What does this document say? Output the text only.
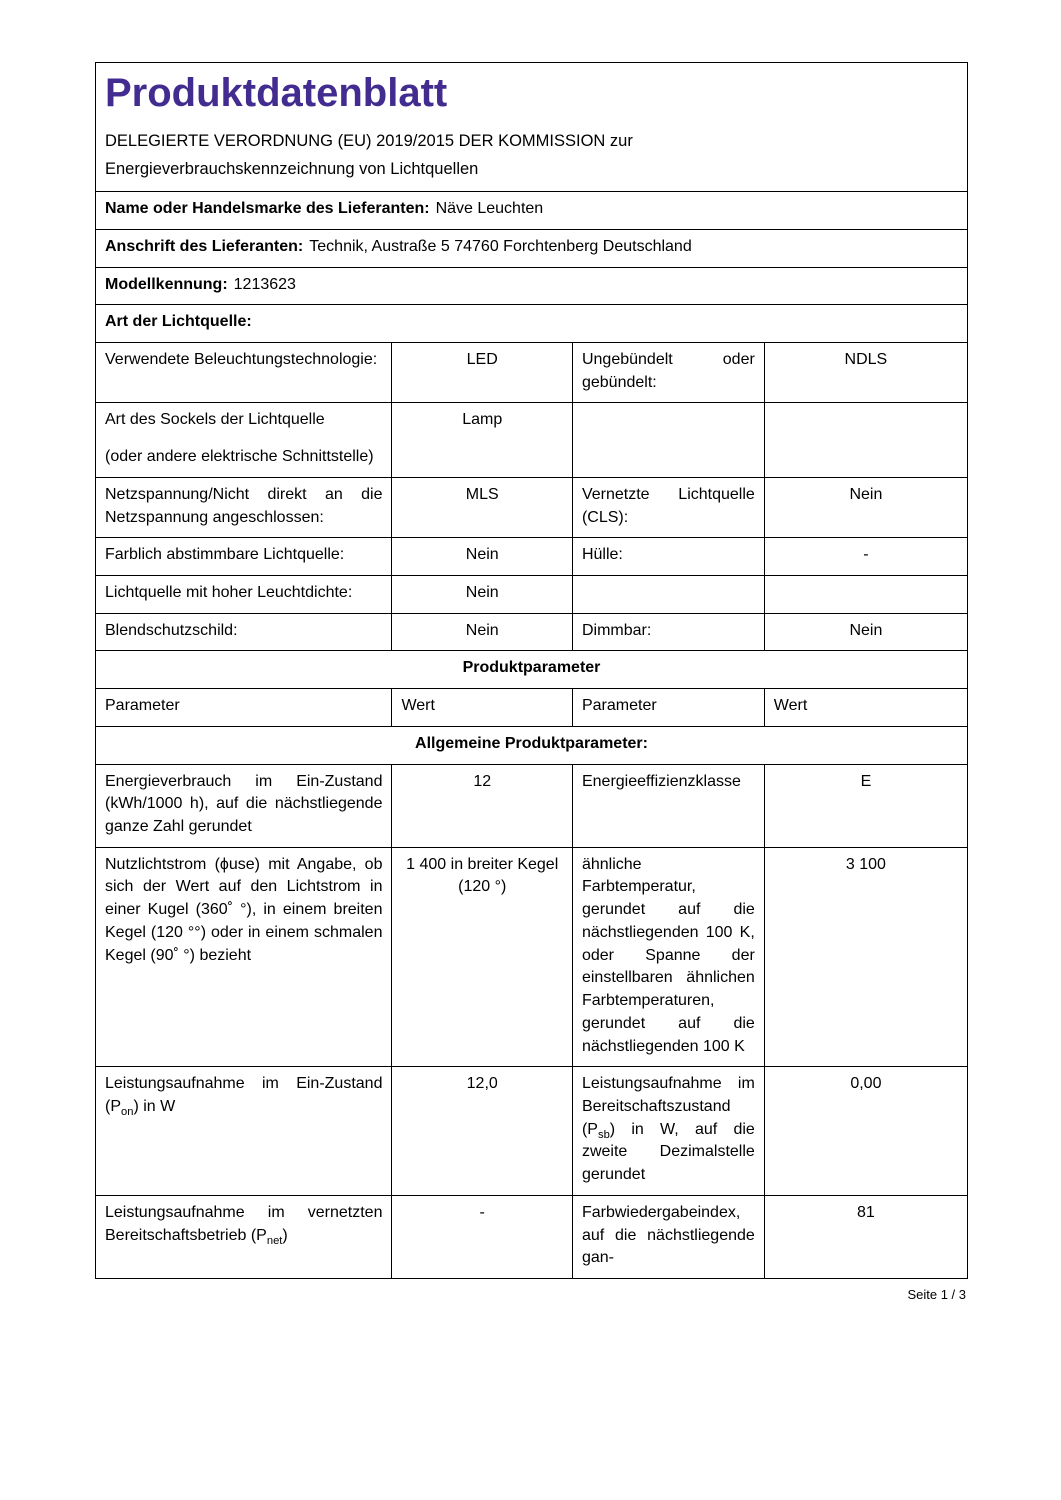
Produktdatenblatt
DELEGIERTE VERORDNUNG (EU) 2019/2015 DER KOMMISSION zur
Energieverbrauchskennzeichnung von Lichtquellen			

Name oder Handelsmarke des Lieferanten: Näve Leuchten			
Anschrift des Lieferanten: Technik, Austraße 5 74760 Forchtenberg Deutschland			
Modellkennung: 1213623			
Art der Lichtquelle:			
Verwendete Beleuchtungstechnologie:	LED	Ungebündelt oder gebündelt:	NDLS

Art des Sockels der Lichtquelle
(oder andere elektrische Schnittstelle)	Lamp		
Netzspannung/Nicht direkt an die Netzspannung angeschlossen:	MLS	Vernetzte Lichtquelle (CLS):	Nein
Farblich abstimmbare Lichtquelle:	Nein	Hülle:	-
Lichtquelle mit hoher Leuchtdichte:	Nein		
Blendschutzschild:	Nein	Dimmbar:	Nein
Produktparameter			
Parameter	Wert	Parameter	Wert
Allgemeine Produktparameter:			
Energieverbrauch im Ein-Zustand (kWh/1000 h), auf die nächstliegende ganze Zahl gerundet	12	Energieeffizienzklasse	E
Nutzlichtstrom (ϕuse) mit Angabe, ob sich der Wert auf den Lichtstrom in einer Kugel (360˚ °), in einem breiten Kegel (120 °°) oder in einem schmalen Kegel (90˚ °) bezieht	1 400 in breiter Kegel (120 °)	ähnliche Farbtemperatur, gerundet auf die nächstliegenden 100 K, oder Spanne der einstellbaren ähnlichen Farbtemperaturen, gerundet auf die nächstliegenden 100 K	3 100
Leistungsaufnahme im Ein-Zustand $(P_{on})$ in W	12,0	Leistungsaufnahme im Bereitschaftszustand $(P_{sb})$ in W, auf die zweite Dezimalstelle gerundet	0,00
Leistungsaufnahme im vernetzten Bereitschaftsbetrieb $(P_{net})$	-	Farbwiedergabeindex, auf die nächstliegende gan-	81
Seite 1 / 3
